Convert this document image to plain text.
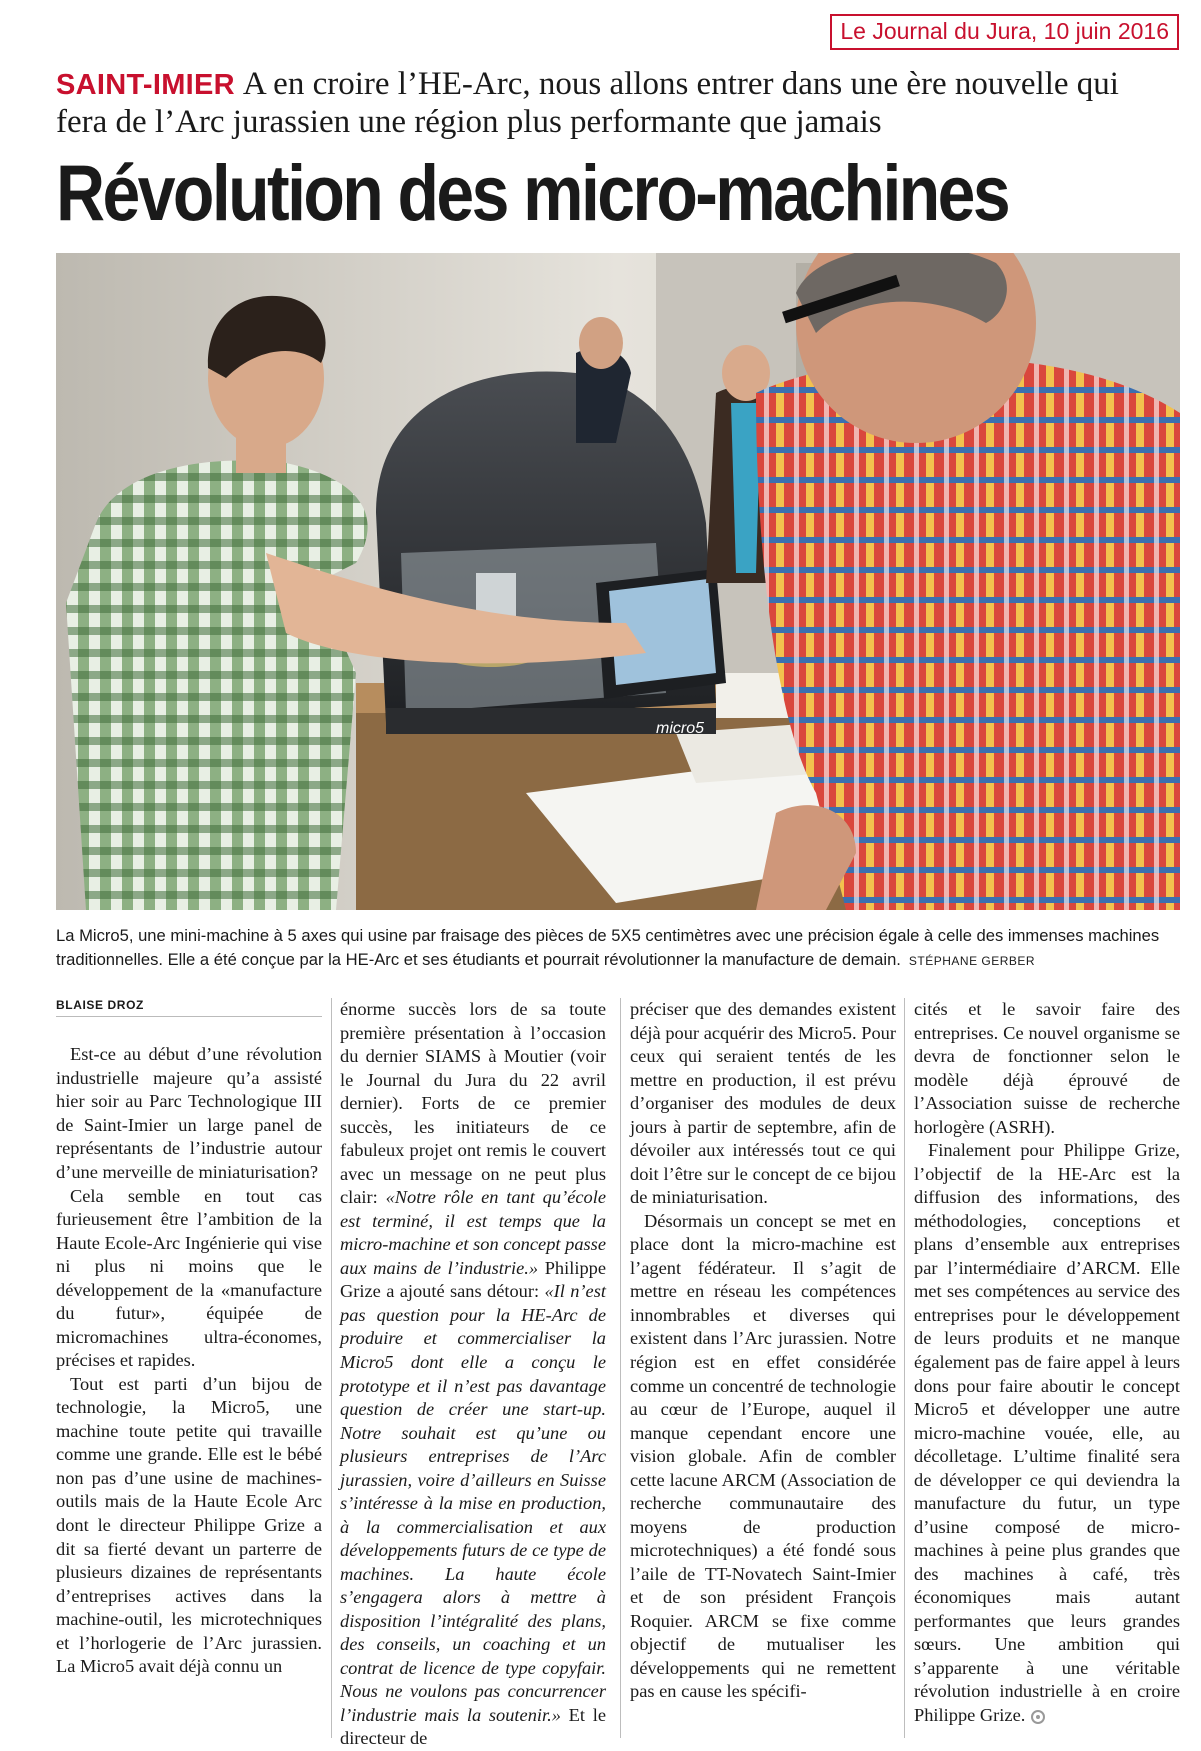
Le Journal du Jura, 10 juin 2016
SAINT-IMIER A en croire l’HE-Arc, nous allons entrer dans une ère nouvelle qui fera de l’Arc jurassien une région plus performante que jamais
Révolution des micro-machines
micro5
La Micro5, une mini-machine à 5 axes qui usine par fraisage des pièces de 5X5 centimètres avec une précision égale à celle des immenses machines traditionnelles. Elle a été conçue par la HE-Arc et ses étudiants et pourrait révolutionner la manufacture de demain. STÉPHANE GERBER
BLAISE DROZ

Est-ce au début d’une révolution industrielle majeure qu’a assisté hier soir au Parc Technologique III de Saint-Imier un large panel de représentants de l’industrie autour d’une merveille de miniaturisation?

Cela semble en tout cas furieusement être l’ambition de la Haute Ecole-Arc Ingénierie qui vise ni plus ni moins que le développement de la «manufacture du futur», équipée de micromachines ultra-économes, précises et rapides.

Tout est parti d’un bijou de technologie, la Micro5, une machine toute petite qui travaille comme une grande. Elle est le bébé non pas d’une usine de machines-outils mais de la Haute Ecole Arc dont le directeur Philippe Grize a dit sa fierté devant un parterre de plusieurs dizaines de représentants d’entreprises actives dans la machine-outil, les microtechniques et l’horlogerie de l’Arc jurassien. La Micro5 avait déjà connu un

énorme succès lors de sa toute première présentation à l’occasion du dernier SIAMS à Moutier (voir le Journal du Jura du 22 avril dernier). Forts de ce premier succès, les initiateurs de ce fabuleux projet ont remis le couvert avec un message on ne peut plus clair: «Notre rôle en tant qu’école est terminé, il est temps que la micro-machine et son concept passe aux mains de l’industrie.» Philippe Grize a ajouté sans détour: «Il n’est pas question pour la HE-Arc de produire et commercialiser la Micro5 dont elle a conçu le prototype et il n’est pas davantage question de créer une start-up. Notre souhait est qu’une ou plusieurs entreprises de l’Arc jurassien, voire d’ailleurs en Suisse s’intéresse à la mise en production, à la commercialisation et aux développements futurs de ce type de machines. La haute école s’engagera alors à mettre à disposition l’intégralité des plans, des conseils, un coaching et un contrat de licence de type copyfair. Nous ne voulons pas concurrencer l’industrie mais la soutenir.» Et le directeur de

préciser que des demandes existent déjà pour acquérir des Micro5. Pour ceux qui seraient tentés de les mettre en production, il est prévu d’organiser des modules de deux jours à partir de septembre, afin de dévoiler aux intéressés tout ce qui doit l’être sur le concept de ce bijou de miniaturisation.

Désormais un concept se met en place dont la micro-machine est l’agent fédérateur. Il s’agit de mettre en réseau les compétences innombrables et diverses qui existent dans l’Arc jurassien. Notre région est en effet considérée comme un concentré de technologie au cœur de l’Europe, auquel il manque cependant encore une vision globale. Afin de combler cette lacune ARCM (Association de recherche communautaire des moyens de production microtechniques) a été fondé sous l’aile de TT-Novatech Saint-Imier et de son président François Roquier. ARCM se fixe comme objectif de mutualiser les développements qui ne remettent pas en cause les spécifi-

cités et le savoir faire des entreprises. Ce nouvel organisme se devra de fonctionner selon le modèle déjà éprouvé de l’Association suisse de recherche horlogère (ASRH).

Finalement pour Philippe Grize, l’objectif de la HE-Arc est la diffusion des informations, des méthodologies, conceptions et plans d’ensemble aux entreprises par l’intermédiaire d’ARCM. Elle met ses compétences au service des entreprises pour le développement de leurs produits et ne manque également pas de faire appel à leurs dons pour faire aboutir le concept Micro5 et développer une autre micro-machine vouée, elle, au décolletage. L’ultime finalité sera de développer ce qui deviendra la manufacture du futur, un type d’usine composé de micro-machines à peine plus grandes que des machines à café, très économiques mais autant performantes que leurs grandes sœurs. Une ambition qui s’apparente à une véritable révolution industrielle à en croire Philippe Grize.
